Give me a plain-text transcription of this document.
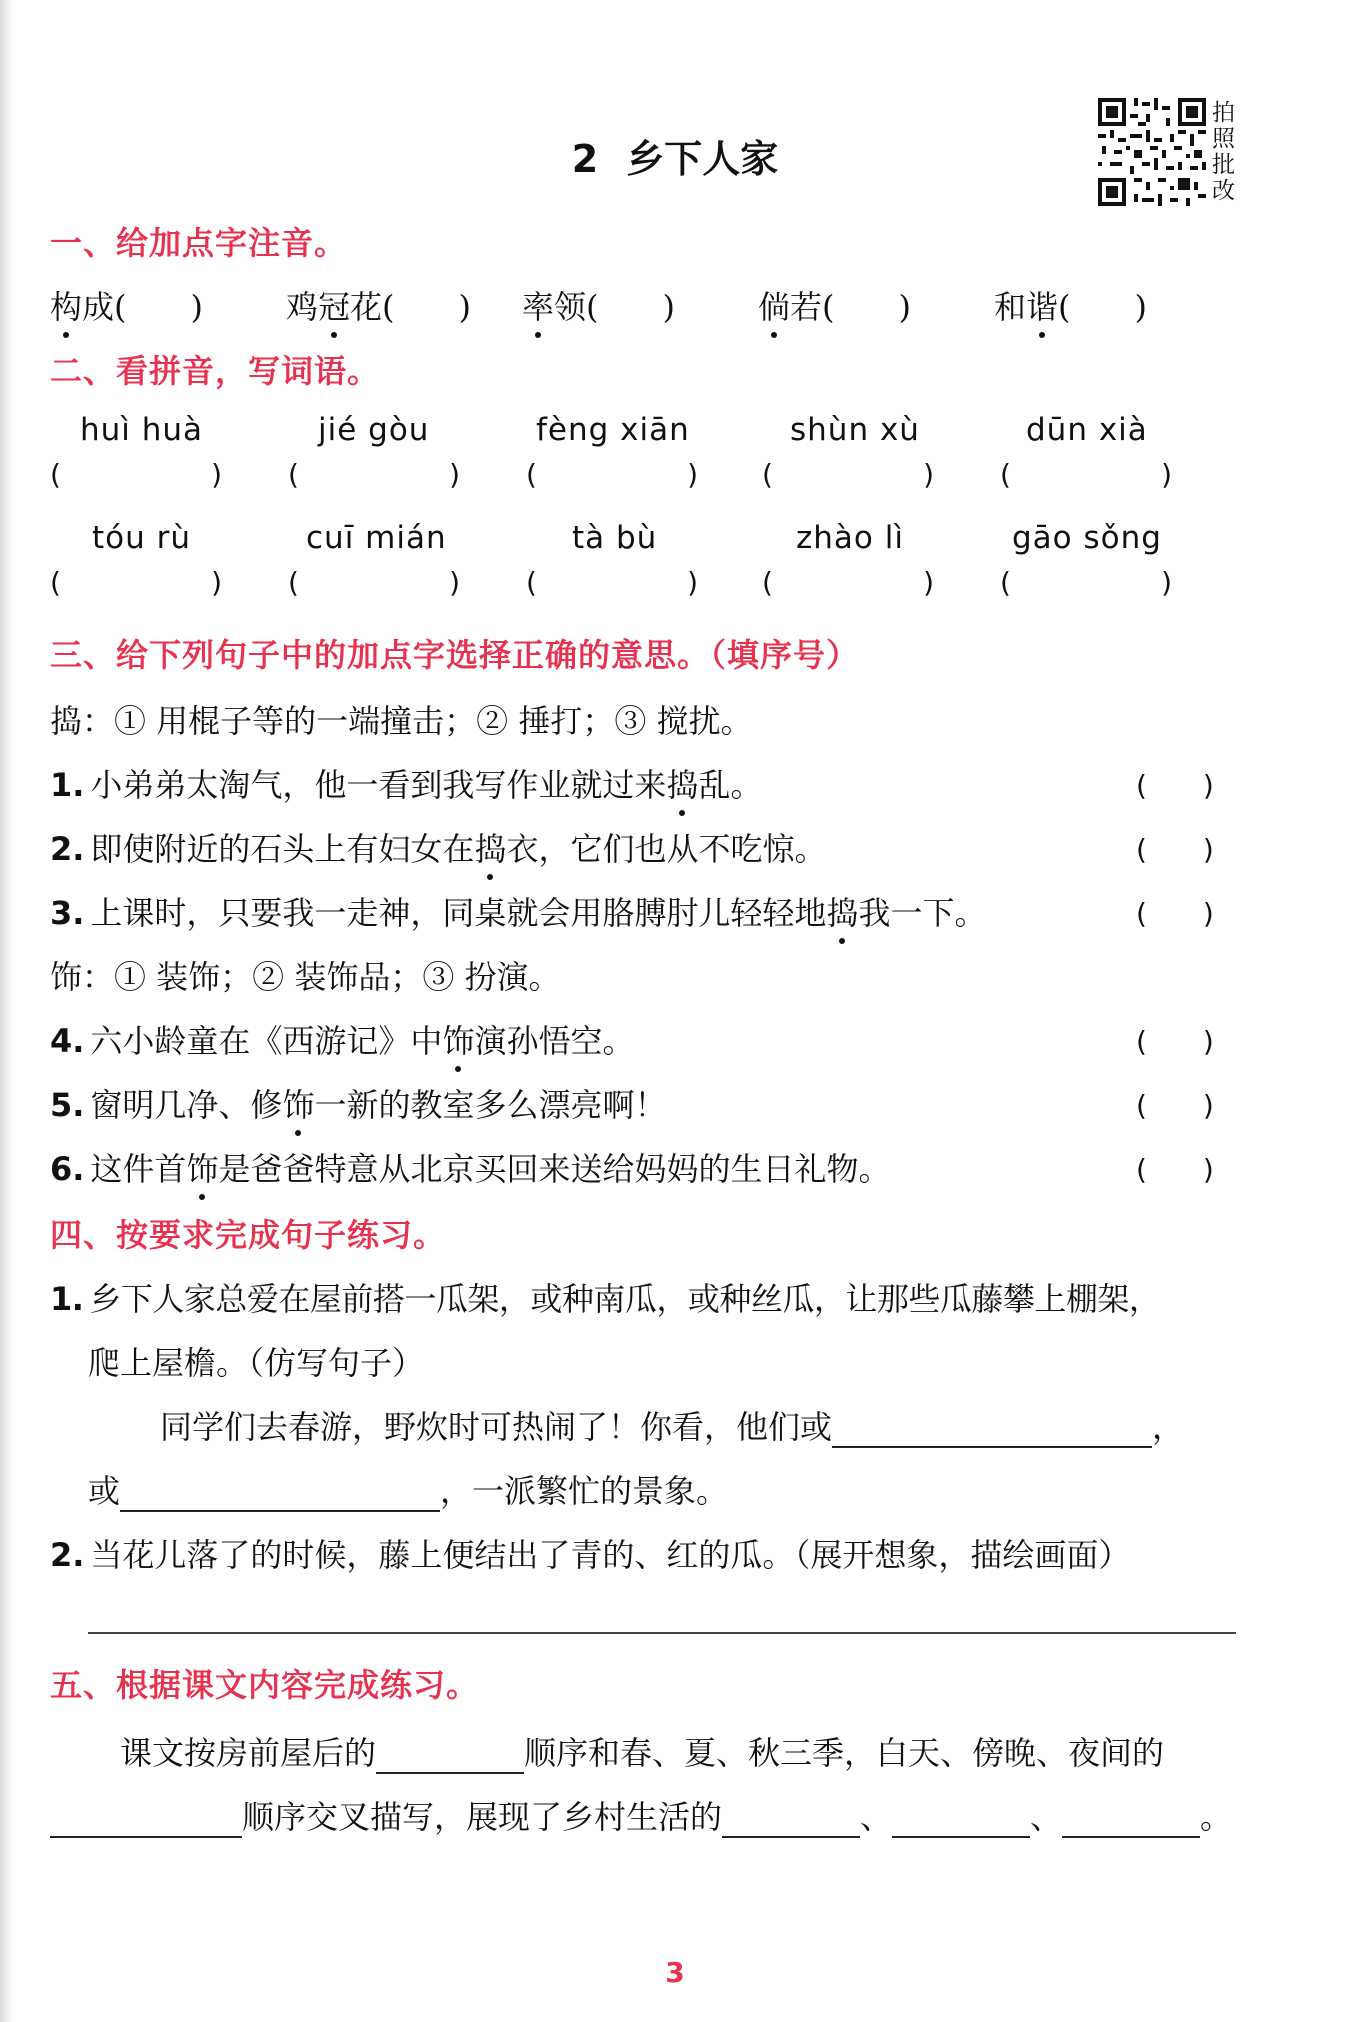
2 乡下人家
拍
照
批
改
一、给加点字注音。
构成(　　)	鸡冠花(　　) 率领(　　)	倘若(　　)	和谐(　　)
二、看拼音，写词语。
huì huà	jié gòu	fèng xiān	shùn xù	dūn xià
(	) (	) (	) (	) (	)
tóu rù	cuī mián	tà bù	zhào lì	gāo sǒng
(	) (	) (	) (	) (	)
三、给下列句子中的加点字选择正确的意思。（填序号）
捣：① 用棍子等的一端撞击；② 捶打；③ 搅扰。
1. 小弟弟太淘气，他一看到我写作业就过来捣乱。	(　　)
2. 即使附近的石头上有妇女在捣衣，它们也从不吃惊。	(　　)
3. 上课时，只要我一走神，同桌就会用胳膊肘儿轻轻地捣我一下。	(　　)
饰：① 装饰；② 装饰品；③ 扮演。
4. 六小龄童在《西游记》中饰演孙悟空。	(　　)
5. 窗明几净、修饰一新的教室多么漂亮啊！	(　　)
6. 这件首饰是爸爸特意从北京买回来送给妈妈的生日礼物。	(　　)
四、按要求完成句子练习。
1. 乡下人家总爱在屋前搭一瓜架，或种南瓜，或种丝瓜，让那些瓜藤攀上棚架，
爬上屋檐。（仿写句子）
同学们去春游，野炊时可热闹了！你看，他们或	，
或	，一派繁忙的景象。
2. 当花儿落了的时候，藤上便结出了青的、红的瓜。（展开想象，描绘画面）
五、根据课文内容完成练习。
课文按房前屋后的	顺序和春、夏、秋三季，白天、傍晚、夜间的
顺序交叉描写，展现了乡村生活的	、	、	。
3
